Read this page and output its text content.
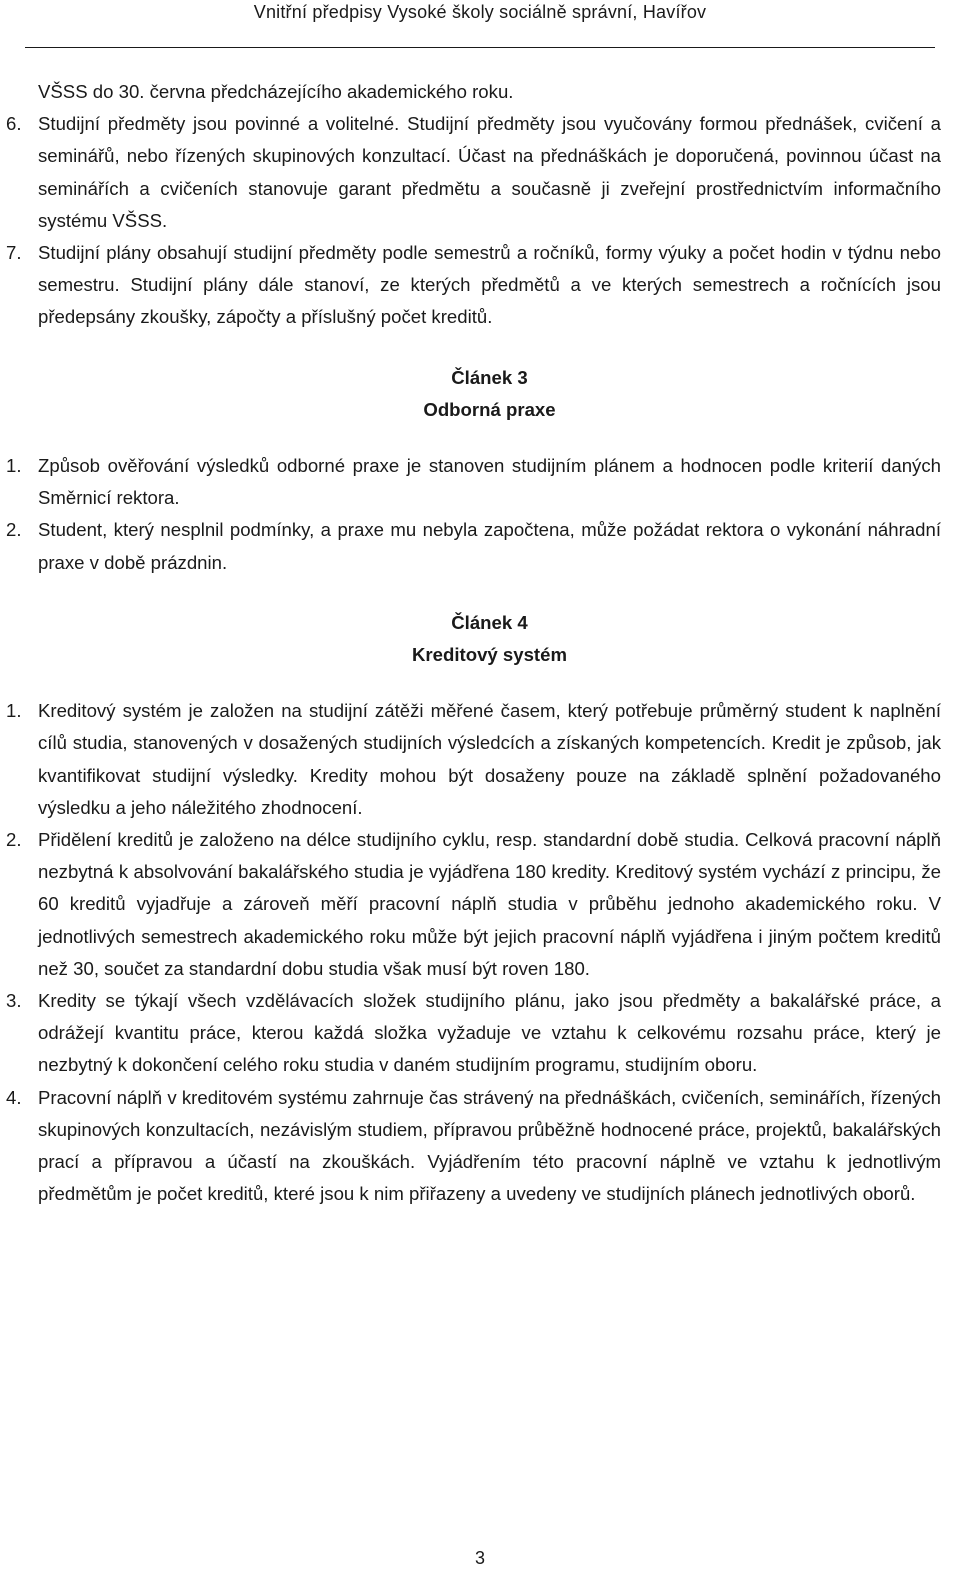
Vnitřní předpisy Vysoké školy sociálně správní, Havířov

VŠSS do 30. června předcházejícího akademického roku.

6. Studijní předměty jsou povinné a volitelné. Studijní předměty jsou vyučovány formou přednášek, cvičení a seminářů, nebo řízených skupinových konzultací. Účast na přednáškách je doporučená, povinnou účast na seminářích a cvičeních stanovuje garant předmětu a současně ji zveřejní prostřednictvím informačního systému VŠSS.
7. Studijní plány obsahují studijní předměty podle semestrů a ročníků, formy výuky a počet hodin v týdnu nebo semestru. Studijní plány dále stanoví, ze kterých předmětů a ve kterých semestrech a ročnících jsou předepsány zkoušky, zápočty a příslušný počet kreditů.
Článek 3
Odborná praxe
1. Způsob ověřování výsledků odborné praxe je stanoven studijním plánem a hodnocen podle kriterií daných Směrnicí rektora.
2. Student, který nesplnil podmínky, a praxe mu nebyla započtena, může požádat rektora o vykonání náhradní praxe v době prázdnin.
Článek 4
Kreditový systém
1. Kreditový systém je založen na studijní zátěži měřené časem, který potřebuje průměrný student k naplnění cílů studia, stanovených v dosažených studijních výsledcích a získaných kompetencích. Kredit je způsob, jak kvantifikovat studijní výsledky. Kredity mohou být dosaženy pouze na základě splnění požadovaného výsledku a jeho náležitého zhodnocení.
2. Přidělení kreditů je založeno na délce studijního cyklu, resp. standardní době studia. Celková pracovní náplň nezbytná k absolvování bakalářského studia je vyjádřena 180 kredity. Kreditový systém vychází z principu, že 60 kreditů vyjadřuje a zároveň měří pracovní náplň studia v průběhu jednoho akademického roku. V jednotlivých semestrech akademického roku může být jejich pracovní náplň vyjádřena i jiným počtem kreditů než 30, součet za standardní dobu studia však musí být roven 180.
3. Kredity se týkají všech vzdělávacích složek studijního plánu, jako jsou předměty a bakalářské práce, a odrážejí kvantitu práce, kterou každá složka vyžaduje ve vztahu k celkovému rozsahu práce, který je nezbytný k dokončení celého roku studia v daném studijním programu, studijním oboru.
4. Pracovní náplň v kreditovém systému zahrnuje čas strávený na přednáškách, cvičeních, seminářích, řízených skupinových konzultacích, nezávislým studiem, přípravou průběžně hodnocené práce, projektů, bakalářských prací a přípravou a účastí na zkouškách. Vyjádřením této pracovní náplně ve vztahu k jednotlivým předmětům je počet kreditů, které jsou k nim přiřazeny a uvedeny ve studijních plánech jednotlivých oborů.
3
